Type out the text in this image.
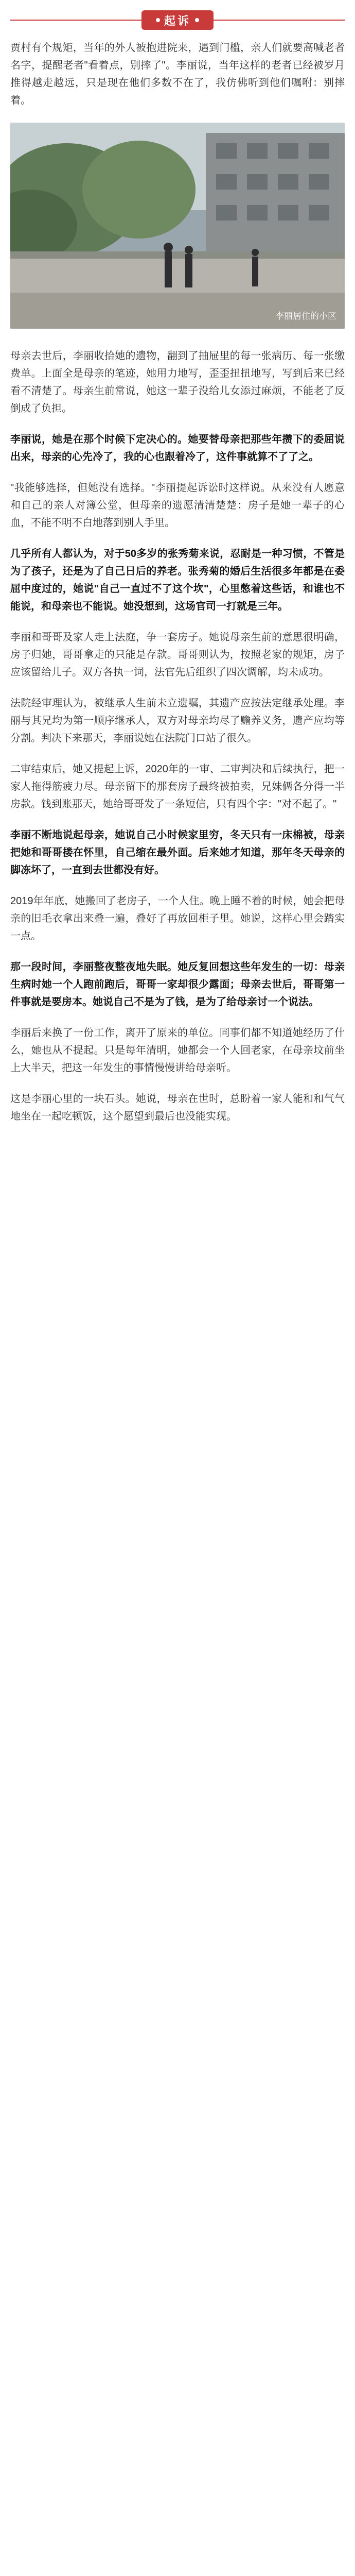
起诉

贾村有个规矩，当年的外人被抱进院来，遇到门槛，亲人们就要高喊老者名字，提醒老者"看着点，别摔了"。李丽说，当年这样的老者已经被岁月推得越走越远，只是现在他们多数不在了，我仿佛听到他们嘱咐：别摔着。

李丽居住的小区

母亲去世后，李丽收拾她的遗物，翻到了抽屉里的每一张病历、每一张缴费单。上面全是母亲的笔迹，她用力地写，歪歪扭扭地写，写到后来已经看不清楚了。母亲生前常说，她这一辈子没给儿女添过麻烦，不能老了反倒成了负担。

李丽说，她是在那个时候下定决心的。她要替母亲把那些年攒下的委屈说出来，母亲的心先冷了，我的心也跟着冷了，这件事就算不了了之。

"我能够选择，但她没有选择。"李丽提起诉讼时这样说。从来没有人愿意和自己的亲人对簿公堂，但母亲的遗愿清清楚楚：房子是她一辈子的心血，不能不明不白地落到别人手里。

几乎所有人都认为，对于50多岁的张秀菊来说，忍耐是一种习惯，不管是为了孩子，还是为了自己日后的养老。张秀菊的婚后生活很多年都是在委屈中度过的，她说"自己一直过不了这个坎"，心里憋着这些话，和谁也不能说，和母亲也不能说。她没想到，这场官司一打就是三年。

李丽和哥哥及家人走上法庭，争一套房子。她说母亲生前的意思很明确，房子归她，哥哥拿走的只能是存款。哥哥则认为，按照老家的规矩，房子应该留给儿子。双方各执一词，法官先后组织了四次调解，均未成功。

法院经审理认为，被继承人生前未立遗嘱，其遗产应按法定继承处理。李丽与其兄均为第一顺序继承人，双方对母亲均尽了赡养义务，遗产应均等分割。判决下来那天，李丽说她在法院门口站了很久。

二审结束后，她又提起上诉，2020年的一审、二审判决和后续执行，把一家人拖得筋疲力尽。母亲留下的那套房子最终被拍卖，兄妹俩各分得一半房款。钱到账那天，她给哥哥发了一条短信，只有四个字："对不起了。"

李丽不断地说起母亲，她说自己小时候家里穷，冬天只有一床棉被，母亲把她和哥哥搂在怀里，自己缩在最外面。后来她才知道，那年冬天母亲的脚冻坏了，一直到去世都没有好。

2019年年底，她搬回了老房子，一个人住。晚上睡不着的时候，她会把母亲的旧毛衣拿出来叠一遍，叠好了再放回柜子里。她说，这样心里会踏实一点。

那一段时间，李丽整夜整夜地失眠。她反复回想这些年发生的一切：母亲生病时她一个人跑前跑后，哥哥一家却很少露面；母亲去世后，哥哥第一件事就是要房本。她说自己不是为了钱，是为了给母亲讨一个说法。

李丽后来换了一份工作，离开了原来的单位。同事们都不知道她经历了什么，她也从不提起。只是每年清明，她都会一个人回老家，在母亲坟前坐上大半天，把这一年发生的事情慢慢讲给母亲听。

这是李丽心里的一块石头。她说，母亲在世时，总盼着一家人能和和气气地坐在一起吃顿饭，这个愿望到最后也没能实现。
